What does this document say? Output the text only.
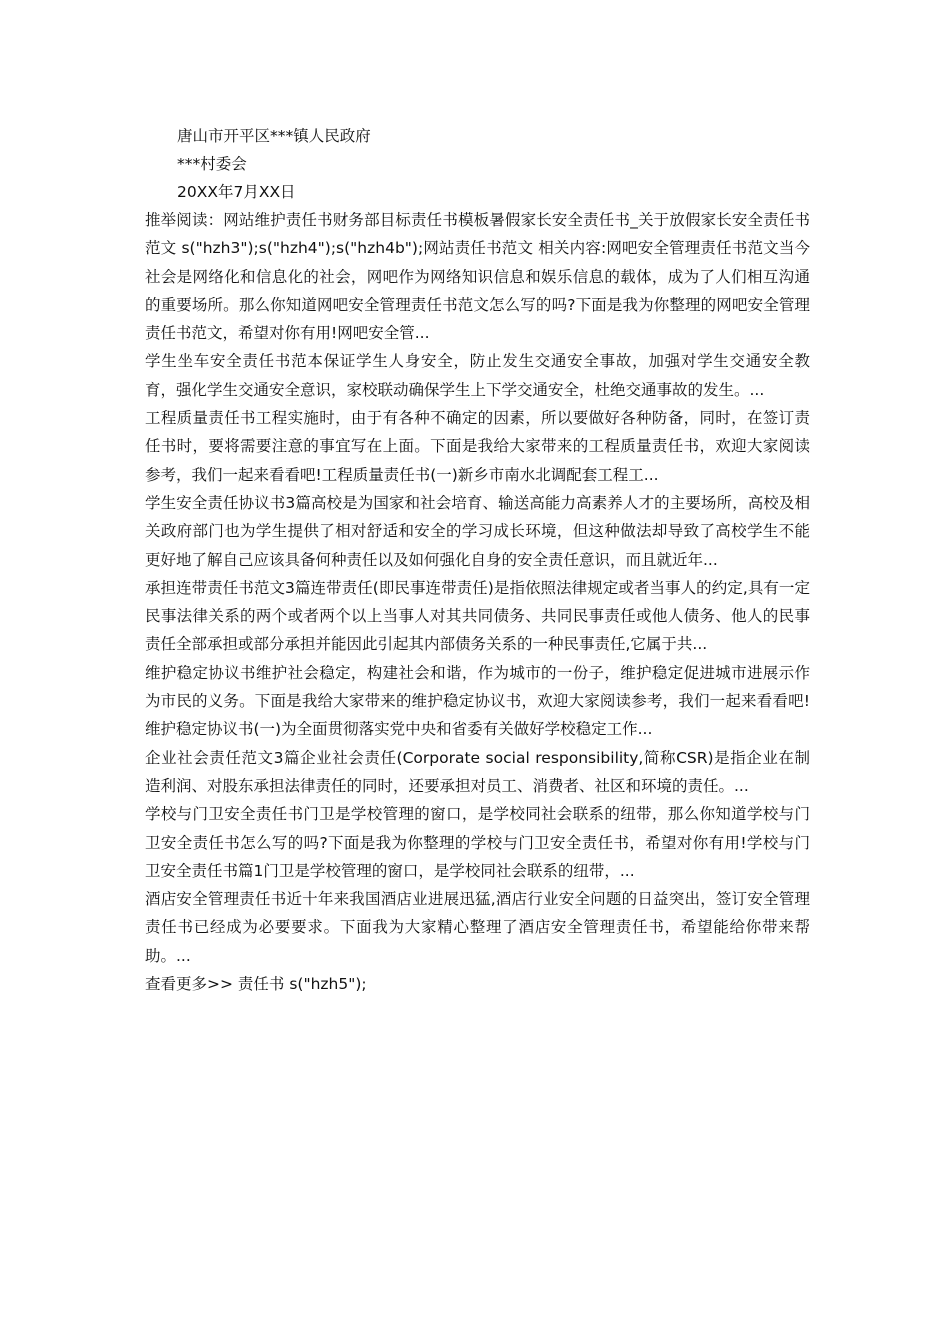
唐山市开平区***镇人民政府
***村委会
20XX年7月XX日

推举阅读：网站维护责任书财务部目标责任书模板暑假家长安全责任书_关于放假家长安全责任书范文 s("hzh3");s("hzh4");s("hzh4b");网站责任书范文 相关内容:网吧安全管理责任书范文当今社会是网络化和信息化的社会，网吧作为网络知识信息和娱乐信息的载体，成为了人们相互沟通的重要场所。那么你知道网吧安全管理责任书范文怎么写的吗?下面是我为你整理的网吧安全管理责任书范文，希望对你有用!网吧安全管...

学生坐车安全责任书范本保证学生人身安全，防止发生交通安全事故，加强对学生交通安全教育，强化学生交通安全意识，家校联动确保学生上下学交通安全，杜绝交通事故的发生。...

工程质量责任书工程实施时，由于有各种不确定的因素，所以要做好各种防备，同时，在签订责任书时，要将需要注意的事宜写在上面。下面是我给大家带来的工程质量责任书，欢迎大家阅读参考，我们一起来看看吧!工程质量责任书(一)新乡市南水北调配套工程工...

学生安全责任协议书3篇高校是为国家和社会培育、输送高能力高素养人才的主要场所，高校及相关政府部门也为学生提供了相对舒适和安全的学习成长环境，但这种做法却导致了高校学生不能更好地了解自己应该具备何种责任以及如何强化自身的安全责任意识，而且就近年...

承担连带责任书范文3篇连带责任(即民事连带责任)是指依照法律规定或者当事人的约定,具有一定民事法律关系的两个或者两个以上当事人对其共同债务、共同民事责任或他人债务、他人的民事责任全部承担或部分承担并能因此引起其内部债务关系的一种民事责任,它属于共...

维护稳定协议书维护社会稳定，构建社会和谐，作为城市的一份子，维护稳定促进城市进展示作为市民的义务。下面是我给大家带来的维护稳定协议书，欢迎大家阅读参考，我们一起来看看吧!维护稳定协议书(一)为全面贯彻落实党中央和省委有关做好学校稳定工作...

企业社会责任范文3篇企业社会责任(Corporate social responsibility,简称CSR)是指企业在制造利润、对股东承担法律责任的同时，还要承担对员工、消费者、社区和环境的责任。...

学校与门卫安全责任书门卫是学校管理的窗口，是学校同社会联系的纽带，那么你知道学校与门卫安全责任书怎么写的吗?下面是我为你整理的学校与门卫安全责任书，希望对你有用!学校与门卫安全责任书篇1门卫是学校管理的窗口，是学校同社会联系的纽带，...

酒店安全管理责任书近十年来我国酒店业进展迅猛,酒店行业安全问题的日益突出，签订安全管理责任书已经成为必要要求。下面我为大家精心整理了酒店安全管理责任书，希望能给你带来帮助。...

查看更多>> 责任书 s("hzh5");
